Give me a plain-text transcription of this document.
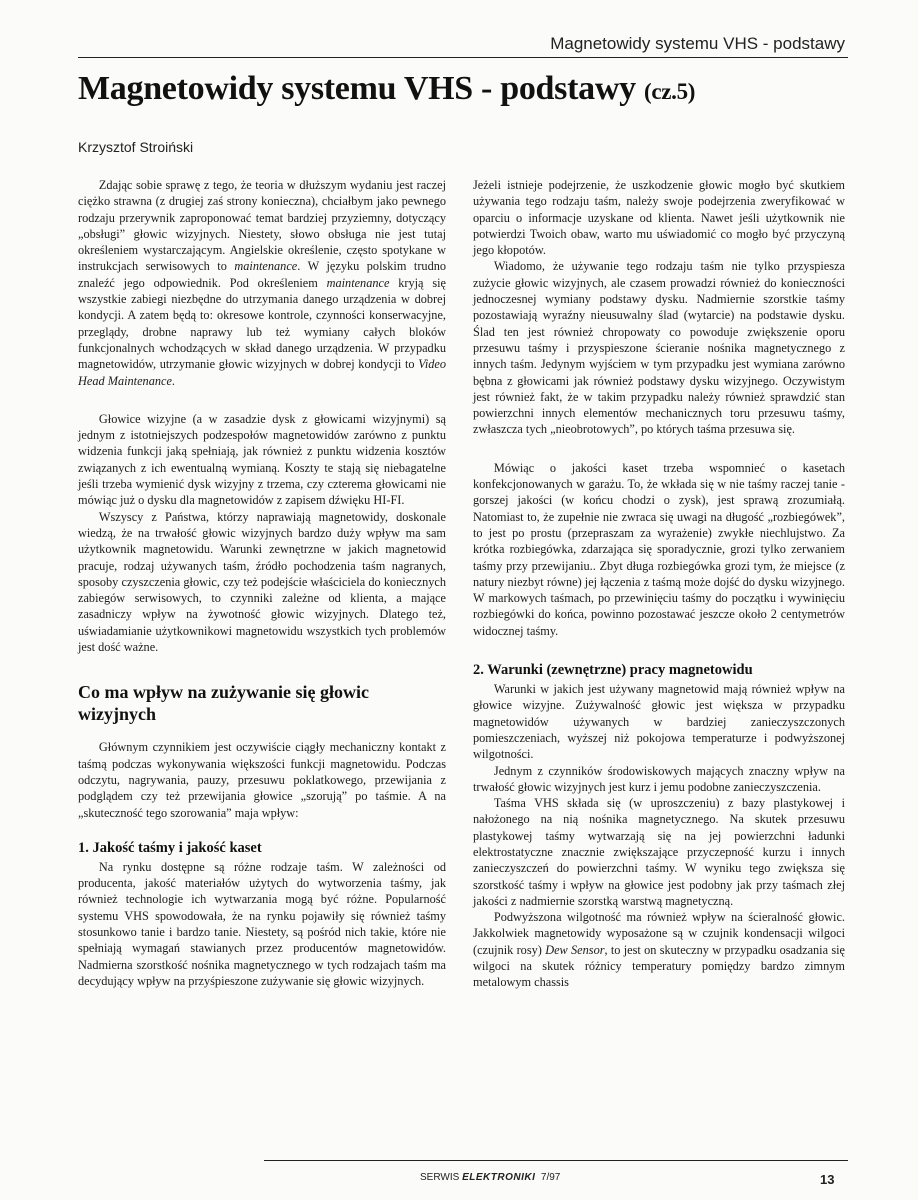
Magnetowidy systemu VHS - podstawy
Magnetowidy systemu VHS - podstawy (cz.5)
Krzysztof Stroiński

Zdając sobie sprawę z tego, że teoria w dłuższym wydaniu jest raczej ciężko strawna (z drugiej zaś strony konieczna), chciałbym jako pewnego rodzaju przerywnik zaproponować temat bardziej przyziemny, dotyczący „obsługi” głowic wizyjnych. Niestety, słowo obsługa nie jest tutaj określeniem wystarczającym. Angielskie określenie, często spotykane w instrukcjach serwisowych to maintenance. W języku polskim trudno znaleźć jego odpowiednik. Pod określeniem maintenance kryją się wszystkie zabiegi niezbędne do utrzymania danego urządzenia w dobrej kondycji. A zatem będą to: okresowe kontrole, czynności konserwacyjne, przeglądy, drobne naprawy lub też wymiany całych bloków funkcjonalnych wchodzących w skład danego urządzenia. W przypadku magnetowidów, utrzymanie głowic wizyjnych w dobrej kondycji to Video Head Maintenance.

Głowice wizyjne (a w zasadzie dysk z głowicami wizyjnymi) są jednym z istotniejszych podzespołów magnetowidów zarówno z punktu widzenia funkcji jaką spełniają, jak również z punktu widzenia kosztów związanych z ich ewentualną wymianą. Koszty te stają się niebagatelne jeśli trzeba wymienić dysk wizyjny z trzema, czy czterema głowicami nie mówiąc już o dysku dla magnetowidów z zapisem dźwięku HI-FI.

Wszyscy z Państwa, którzy naprawiają magnetowidy, doskonale wiedzą, że na trwałość głowic wizyjnych bardzo duży wpływ ma sam użytkownik magnetowidu. Warunki zewnętrzne w jakich magnetowid pracuje, rodzaj używanych taśm, źródło pochodzenia taśm nagranych, sposoby czyszczenia głowic, czy też podejście właściciela do koniecznych zabiegów serwisowych, to czynniki zależne od klienta, a mające zasadniczy wpływ na żywotność głowic wizyjnych. Dlatego też, uświadamianie użytkownikowi magnetowidu wszystkich tych problemów jest dość ważne.

Co ma wpływ na zużywanie się głowic wizyjnych

Głównym czynnikiem jest oczywiście ciągły mechaniczny kontakt z taśmą podczas wykonywania większości funkcji magnetowidu. Podczas odczytu, nagrywania, pauzy, przesuwu poklatkowego, przewijania z podglądem czy też przewijania głowice „szorują” po taśmie. A na „skuteczność tego szorowania” maja wpływ:

1. Jakość taśmy i jakość kaset

Na rynku dostępne są różne rodzaje taśm. W zależności od producenta, jakość materiałów użytych do wytworzenia taśmy, jak również technologie ich wytwarzania mogą być różne. Popularność systemu VHS spowodowała, że na rynku pojawiły się również taśmy stosunkowo tanie i bardzo tanie. Niestety, są pośród nich takie, które nie spełniają wymagań stawianych przez producentów magnetowidów. Nadmierna szorstkość nośnika magnetycznego w tych rodzajach taśm ma decydujący wpływ na przyśpieszone zużywanie się głowic wizyjnych.

Jeżeli istnieje podejrzenie, że uszkodzenie głowic mogło być skutkiem używania tego rodzaju taśm, należy swoje podejrzenia zweryfikować w oparciu o informacje uzyskane od klienta. Nawet jeśli użytkownik nie potwierdzi Twoich obaw, warto mu uświadomić co mogło być przyczyną jego kłopotów.

Wiadomo, że używanie tego rodzaju taśm nie tylko przyspiesza zużycie głowic wizyjnych, ale czasem prowadzi również do konieczności jednoczesnej wymiany podstawy dysku. Nadmiernie szorstkie taśmy pozostawiają wyraźny nieusuwalny ślad (wytarcie) na podstawie dysku. Ślad ten jest również chropowaty co powoduje zwiększenie oporu przesuwu taśmy i przyspieszone ścieranie nośnika magnetycznego z innych taśm. Jedynym wyjściem w tym przypadku jest wymiana zarówno bębna z głowicami jak również podstawy dysku wizyjnego. Oczywistym jest również fakt, że w takim przypadku należy również sprawdzić stan powierzchni innych elementów mechanicznych toru przesuwu taśmy, zwłaszcza tych „nieobrotowych”, po których taśma przesuwa się.

Mówiąc o jakości kaset trzeba wspomnieć o kasetach konfekcjonowanych w garażu. To, że wkłada się w nie taśmy raczej tanie - gorszej jakości (w końcu chodzi o zysk), jest sprawą zrozumiałą. Natomiast to, że zupełnie nie zwraca się uwagi na długość „rozbiegówek”, to jest po prostu (przepraszam za wyrażenie) zwykłe niechlujstwo. Za krótka rozbiegówka, zdarzająca się sporadycznie, grozi tylko zerwaniem taśmy przy przewijaniu.. Zbyt długa rozbiegówka grozi tym, że miejsce (z natury niezbyt równe) jej łączenia z taśmą może dojść do dysku wizyjnego. W markowych taśmach, po przewinięciu taśmy do początku i wywinięciu rozbiegówki do końca, powinno pozostawać jeszcze około 2 centymetrów widocznej taśmy.

2. Warunki (zewnętrzne) pracy magnetowidu

Warunki w jakich jest używany magnetowid mają również wpływ na głowice wizyjne. Zużywalność głowic jest większa w przypadku magnetowidów używanych w bardziej zanieczyszczonych pomieszczeniach, wyższej niż pokojowa temperaturze i podwyższonej wilgotności.

Jednym z czynników środowiskowych mających znaczny wpływ na trwałość głowic wizyjnych jest kurz i jemu podobne zanieczyszczenia.

Taśma VHS składa się (w uproszczeniu) z bazy plastykowej i nałożonego na nią nośnika magnetycznego. Na skutek przesuwu plastykowej taśmy wytwarzają się na jej powierzchni ładunki elektrostatyczne znacznie zwiększające przyczepność kurzu i innych zanieczyszczeń do powierzchni taśmy. W wyniku tego zwiększa się szorstkość taśmy i wpływ na głowice jest podobny jak przy taśmach złej jakości z nadmiernie szorstką warstwą magnetyczną.

Podwyższona wilgotność ma również wpływ na ścieralność głowic. Jakkolwiek magnetowidy wyposażone są w czujnik kondensacji wilgoci (czujnik rosy) Dew Sensor, to jest on skuteczny w przypadku osadzania się wilgoci na skutek różnicy temperatury pomiędzy bardzo zimnym metalowym chassis

SERWIS ELEKTRONIKI 7/97	13
